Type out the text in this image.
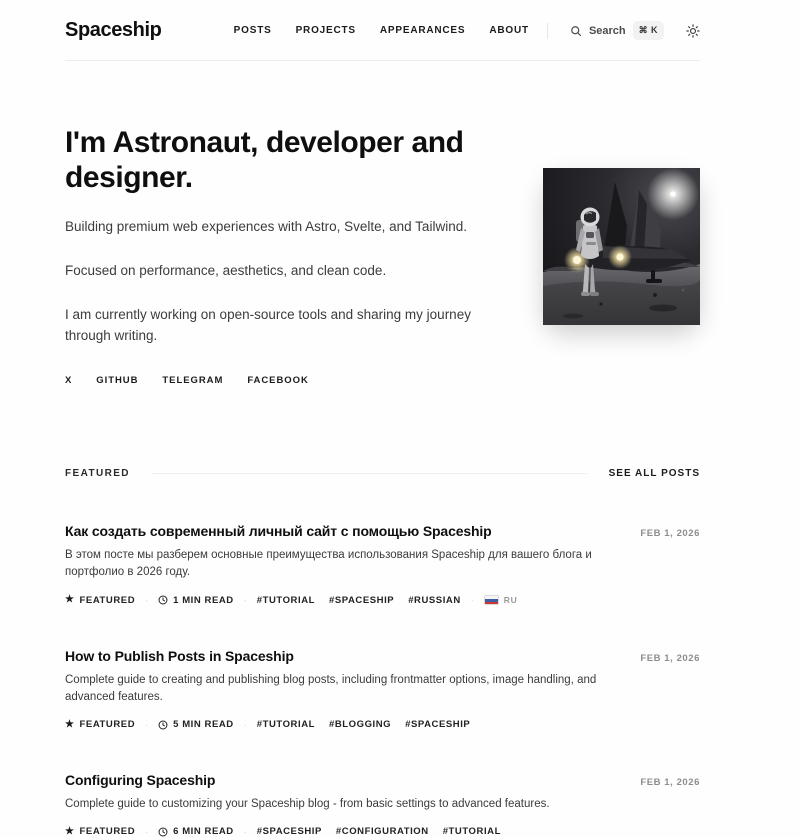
Spaceship	POSTS PROJECTS APPEARANCES ABOUT	Search	⌘ K
I'm Astronaut, developer and designer.

Building premium web experiences with Astro, Svelte, and Tailwind.

Focused on performance, aesthetics, and clean code.

I am currently working on open-source tools and sharing my journey through writing.

X	GITHUB	TELEGRAM	FACEBOOK
FEATURED	SEE ALL POSTS
Как создать современный личный сайт с помощью Spaceship	FEB 1, 2026

В этом посте мы разберем основные преимущества использования Spaceship для вашего блога и портфолио в 2026 году.

★ FEATURED ·	1 MIN READ · #TUTORIAL #SPACESHIP #RUSSIAN ·	RU
How to Publish Posts in Spaceship	FEB 1, 2026

Complete guide to creating and publishing blog posts, including frontmatter options, image handling, and advanced features.

★ FEATURED ·	5 MIN READ · #TUTORIAL #BLOGGING #SPACESHIP
Configuring Spaceship	FEB 1, 2026

Complete guide to customizing your Spaceship blog - from basic settings to advanced features.

★ FEATURED ·	6 MIN READ · #SPACESHIP #CONFIGURATION #TUTORIAL
